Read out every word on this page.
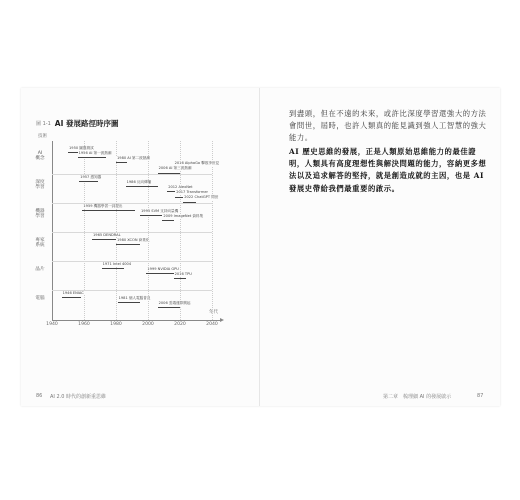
圖 1-1 AI 發展路徑時序圖
技術
年代
AI
概念
深度
學習
機器
學習
專家
系統
晶片
電腦
1940	1960	1980	2000	2020	2040
1950 圖靈測試
1956 AI 第一波熱潮
1980 AI 第二波熱潮
2016 AlphaGo 擊敗李世乭
2006 AI 第三波熱潮
1957 感知器
1986 反向傳播
2012 AlexNet
2017 Transformer
2022 ChatGPT 問世
1959 機器學習一詞提出
1995 SVM 支持向量機
2009 ImageNet 資料集
1965 DENDRAL
1980 XCON 商業化
1971 Intel 4004
1999 NVIDIA GPU
2016 TPU
1946 ENIAC
1981 個人電腦普及
2006 雲端運算興起

到盡頭，但在不遠的未來，或許比深度學習還強大的方法會問世，屆時，也許人類真的能見識到強人工智慧的強大能力。

AI 歷史思維的發展，正是人類原始思維能力的最佳證明，人類具有高度理想性與解決問題的能力，容納更多想法以及追求解答的堅持，就是創造成就的主因，也是 AI 發展史帶給我們最重要的啟示。

86 AI 2.0 時代的創新重思維	第二章　梳理細 AI 的發展啟示	87
